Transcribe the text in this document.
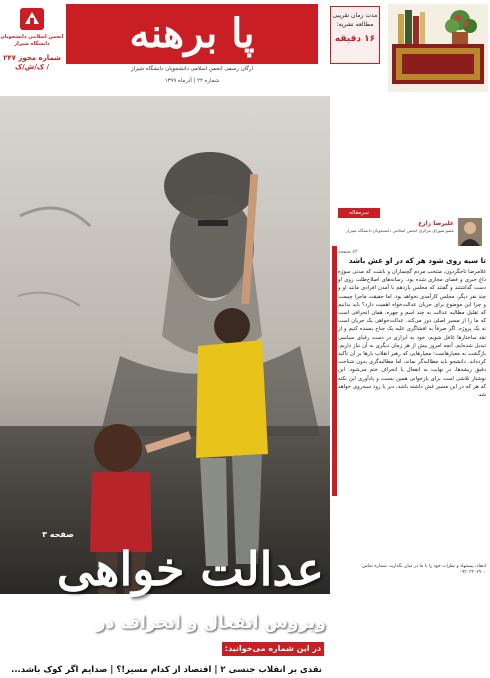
انجمن اسلامی دانشجویان دانشگاه شیراز
شماره مجوز ۲۴۷ / ک/ش/ک
پا برهنه
ارگان رسمی انجمن اسلامی دانشجویان دانشگاه شیراز
شماره ۲۴ | آذرماه ۱۳۹۹
مدت زمان تقریبی مطالعه نشریه:
۱۶ دقیقه
صفحه ۳
عدالت خواهی
ویروس انفعال و انحراف در
در این شماره می‌خوانید:
نقدی بر انقلاب جنسی ۲ | اقتصاد از کدام مسیر!؟ | صدایم اگر کوک باشد...
سرمقاله
علیرضا زارع
عضو شورای مرکزی انجمن اسلامی دانشجویان دانشگاه شیراز
۸۲ صفحه
تا سیه روی شود هر که در او غش باشد
غلامرضا تاجگردون، منتخب مردم گچساران و باشت که مدتی سوژه داغ خبری و فضای مجازی شده بود. رسانه‌های اصلاح‌طلب روی او دست گذاشتند و گفتند که مجلس یازدهم با آمدن افرادی مانند او و چند نفر دیگر، مجلس کارآمدی نخواهد بود. اما حقیقت ماجرا چیست و چرا این موضوع برای جریان عدالت‌خواه اهمیت دارد؟ باید بدانیم که تقلیل مطالبه عدالت به چند اسم و چهره، همان انحرافی است که ما را از مسیر اصلی دور می‌کند. عدالت‌خواهی یک جریان است نه یک پروژه. اگر صرفاً به افشاگری علیه یک جناح بسنده کنیم و از نقد ساختارها غافل شویم، خود به ابزاری در دست رقبای سیاسی تبدیل شده‌ایم. آنچه امروز بیش از هر زمان دیگری به آن نیاز داریم، بازگشت به معیارهاست؛ معیارهایی که رهبر انقلاب بارها بر آن تأکید کرده‌اند. دانشجو باید مطالبه‌گر بماند، اما مطالبه‌گری بدون شناخت دقیق ریشه‌ها، در نهایت به انفعال یا انحراف ختم می‌شود. این نوشتار تلاشی است برای بازخوانی همین نسبت و یادآوری این نکته که هر که در این مسیر غش داشته باشد، دیر یا زود سیه‌روی خواهد شد.
انتقاد، پیشنهاد و نظرات خود را با ما در میان بگذارید. شماره تماس: ۰۹۳۰۳۳۰۲۹۰۰
